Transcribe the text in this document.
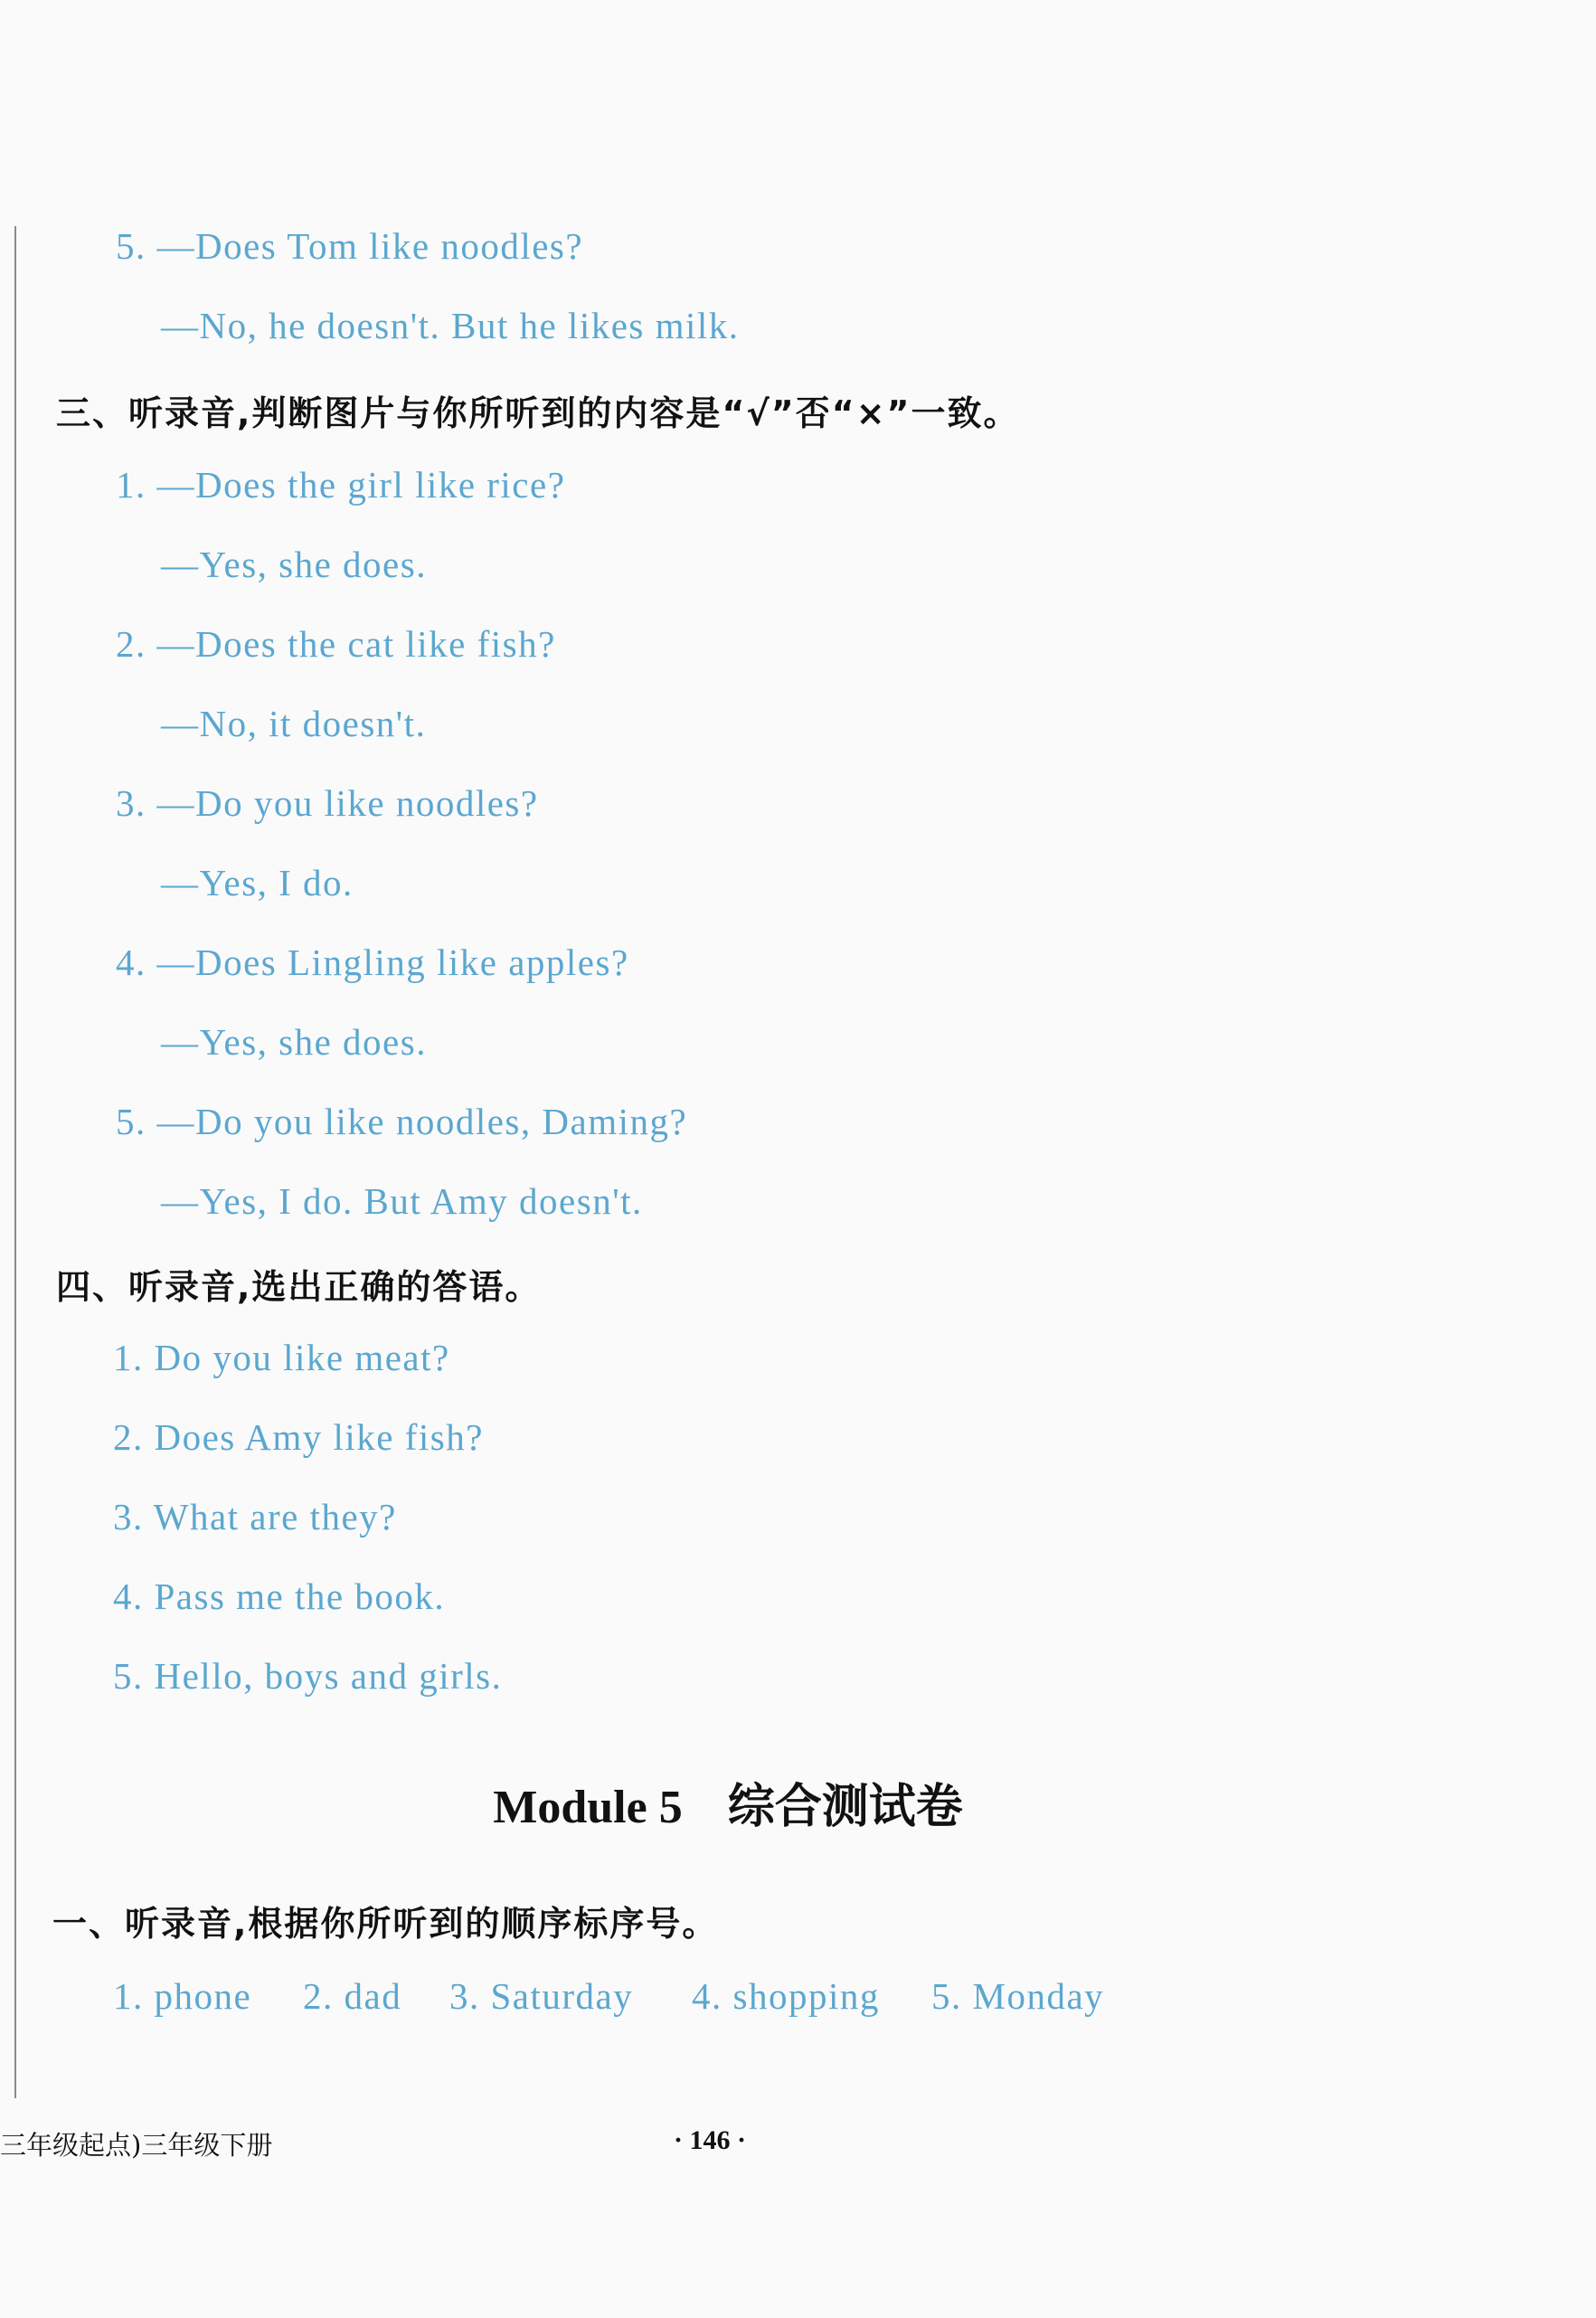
5. —Does Tom like noodles?
—No, he doesn't. But he likes milk.
三、听录音,判断图片与你所听到的内容是“√”否“×”一致。
1. —Does the girl like rice?
—Yes, she does.
2. —Does the cat like fish?
—No, it doesn't.
3. —Do you like noodles?
—Yes, I do.
4. —Does Lingling like apples?
—Yes, she does.
5. —Do you like noodles, Daming?
—Yes, I do. But Amy doesn't.
四、听录音,选出正确的答语。
1. Do you like meat?
2. Does Amy like fish?
3. What are they?
4. Pass me the book.
5. Hello, boys and girls.
Module 5 综合测试卷
一、听录音,根据你所听到的顺序标序号。
1. phone 2. dad 3. Saturday 4. shopping 5. Monday
三年级起点)三年级下册	· 146 ·
